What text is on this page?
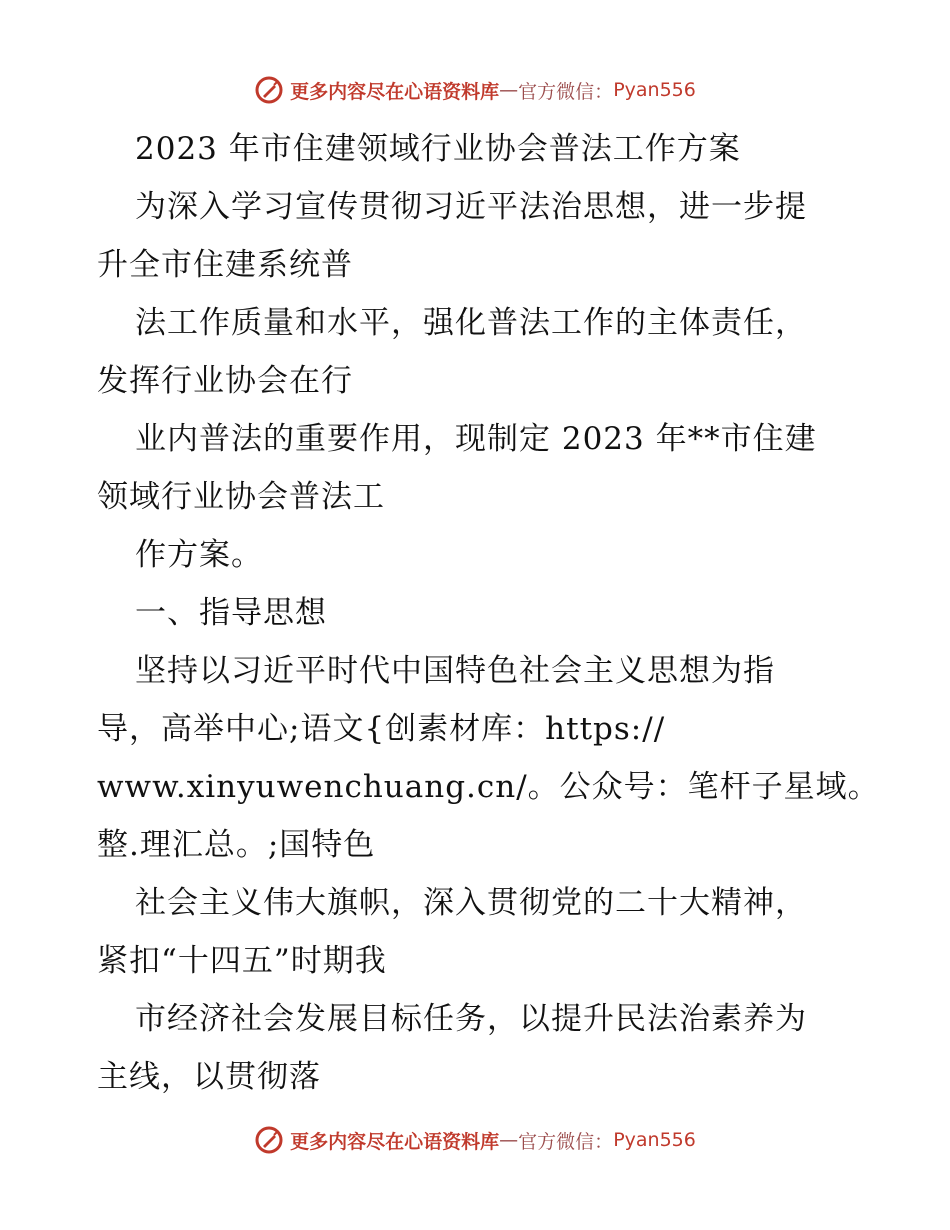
更多内容尽在心语资料库 — 官方微信： Pyan556
2023 年市住建领域行业协会普法工作方案
为深入学习宣传贯彻习近平法治思想，进一步提
升全市住建系统普
法工作质量和水平，强化普法工作的主体责任，
发挥行业协会在行
业内普法的重要作用，现制定 2023 年**市住建
领域行业协会普法工
作方案。
一、指导思想
坚持以习近平时代中国特色社会主义思想为指
导，高举中心;语文{创素材库：https://
www.xinyuwenchuang.cn/。公众号：笔杆子星域。
整.理汇总。;国特色
社会主义伟大旗帜，深入贯彻党的二十大精神，
紧扣“十四五”时期我
市经济社会发展目标任务，以提升民法治素养为
主线，以贯彻落
更多内容尽在心语资料库 — 官方微信： Pyan556
